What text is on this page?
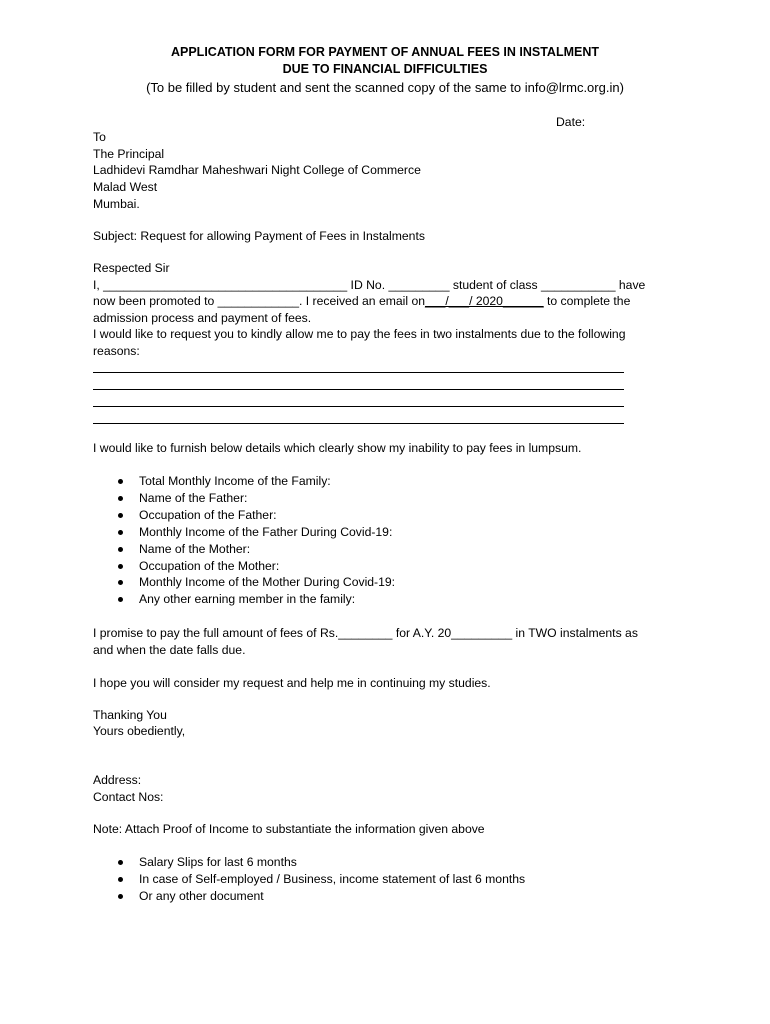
APPLICATION FORM FOR PAYMENT OF ANNUAL FEES IN INSTALMENT
DUE TO FINANCIAL DIFFICULTIES
(To be filled by student and sent the scanned copy of the same to info@lrmc.org.in)
Date:
To
The Principal
Ladhidevi Ramdhar Maheshwari Night College of Commerce
Malad West
Mumbai.
Subject: Request for allowing Payment of Fees in Instalments
Respected Sir
I, ____________________________________ ID No. _________ student of class ___________ have
now been promoted to ____________. I received an email on___/___/ 2020______ to complete the
admission process and payment of fees.
I would like to request you to kindly allow me to pay the fees in two instalments due to the following
reasons:
I would like to furnish below details which clearly show my inability to pay fees in lumpsum.
Total Monthly Income of the Family:
Name of the Father:
Occupation of the Father:
Monthly Income of the Father During Covid-19:
Name of the Mother:
Occupation of the Mother:
Monthly Income of the Mother During Covid-19:
Any other earning member in the family:
I promise to pay the full amount of fees of Rs.________ for A.Y. 20_________ in TWO instalments as
and when the date falls due.
I hope you will consider my request and help me in continuing my studies.
Thanking You
Yours obediently,
Address:
Contact Nos:
Note: Attach Proof of Income to substantiate the information given above
Salary Slips for last 6 months
In case of Self-employed / Business, income statement of last 6 months
Or any other document
